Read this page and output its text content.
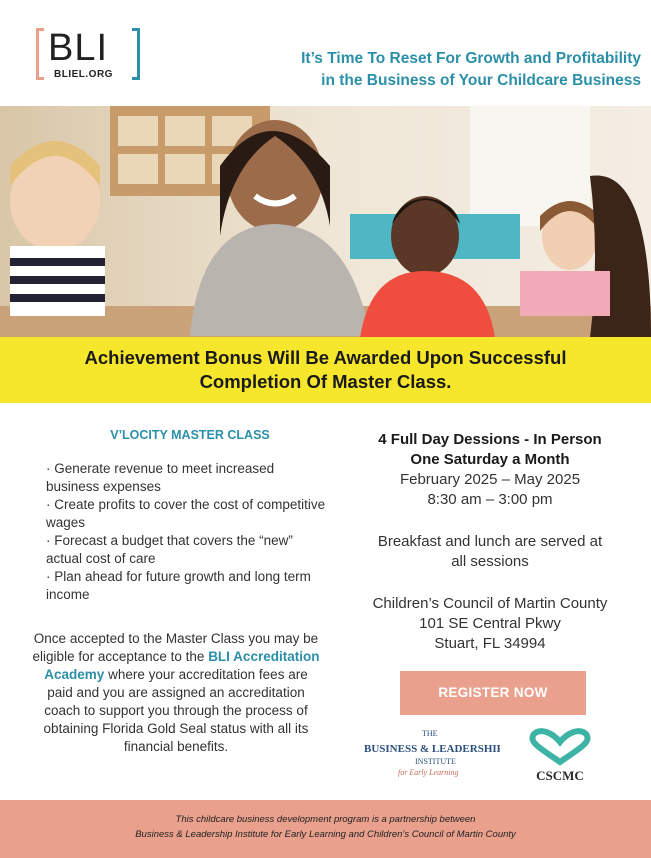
BLI
BLIEL.ORG
It’s Time To Reset For Growth and Profitability
in the Business of Your Childcare Business
Achievement Bonus Will Be Awarded Upon Successful
Completion Of Master Class.
V’LOCITY MASTER CLASS
· Generate revenue to meet increased business expenses
· Create profits to cover the cost of competitive wages
· Forecast a budget that covers the “new” actual cost of care
· Plan ahead for future growth and long term income
Once accepted to the Master Class you may be eligible for acceptance to the BLI Accreditation Academy where your accreditation fees are paid and you are assigned an accreditation coach to support you through the process of obtaining Florida Gold Seal status with all its financial benefits.
4 Full Day Dessions - In Person
One Saturday a Month
February 2025 – May 2025
8:30 am – 3:00 pm
Breakfast and lunch are served at
all sessions
Children’s Council of Martin County
101 SE Central Pkwy
Stuart, FL 34994
REGISTER NOW
THE
BUSINESS & LEADERSHIP
INSTITUTE
for Early Learning	CSCMC
This childcare business development program is a partnership between
Business & Leadership Institute for Early Learning and Children’s Council of Martin County
